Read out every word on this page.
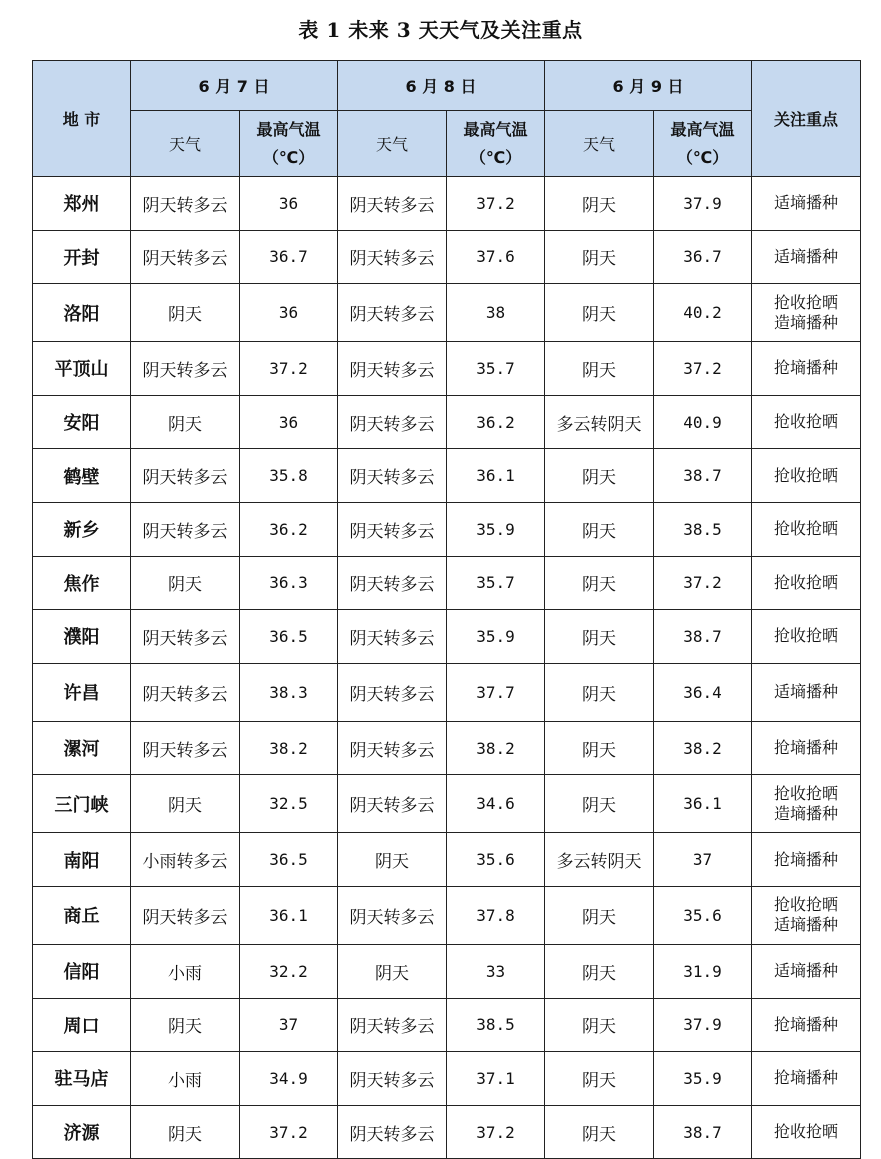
表 1 未来 3 天天气及关注重点
地 市	6 月 7 日		6 月 8 日		6 月 9 日		关注重点
	天气	最高气温
（℃）	天气	最高气温
（℃）	天气	最高气温
（℃）	

郑州	阴天转多云	36	阴天转多云	37.2	阴天	37.9	适墒播种

开封	阴天转多云	36.7	阴天转多云	37.6	阴天	36.7	适墒播种

洛阳	阴天	36	阴天转多云	38	阴天	40.2	抢收抢晒
造墒播种

平顶山	阴天转多云	37.2	阴天转多云	35.7	阴天	37.2	抢墒播种

安阳	阴天	36	阴天转多云	36.2	多云转阴天	40.9	抢收抢晒

鹤壁	阴天转多云	35.8	阴天转多云	36.1	阴天	38.7	抢收抢晒

新乡	阴天转多云	36.2	阴天转多云	35.9	阴天	38.5	抢收抢晒

焦作	阴天	36.3	阴天转多云	35.7	阴天	37.2	抢收抢晒

濮阳	阴天转多云	36.5	阴天转多云	35.9	阴天	38.7	抢收抢晒

许昌	阴天转多云	38.3	阴天转多云	37.7	阴天	36.4	适墒播种

漯河	阴天转多云	38.2	阴天转多云	38.2	阴天	38.2	抢墒播种

三门峡	阴天	32.5	阴天转多云	34.6	阴天	36.1	抢收抢晒
造墒播种

南阳	小雨转多云	36.5	阴天	35.6	多云转阴天	37	抢墒播种

商丘	阴天转多云	36.1	阴天转多云	37.8	阴天	35.6	抢收抢晒
适墒播种

信阳	小雨	32.2	阴天	33	阴天	31.9	适墒播种

周口	阴天	37	阴天转多云	38.5	阴天	37.9	抢墒播种

驻马店	小雨	34.9	阴天转多云	37.1	阴天	35.9	抢墒播种

济源	阴天	37.2	阴天转多云	37.2	阴天	38.7	抢收抢晒
